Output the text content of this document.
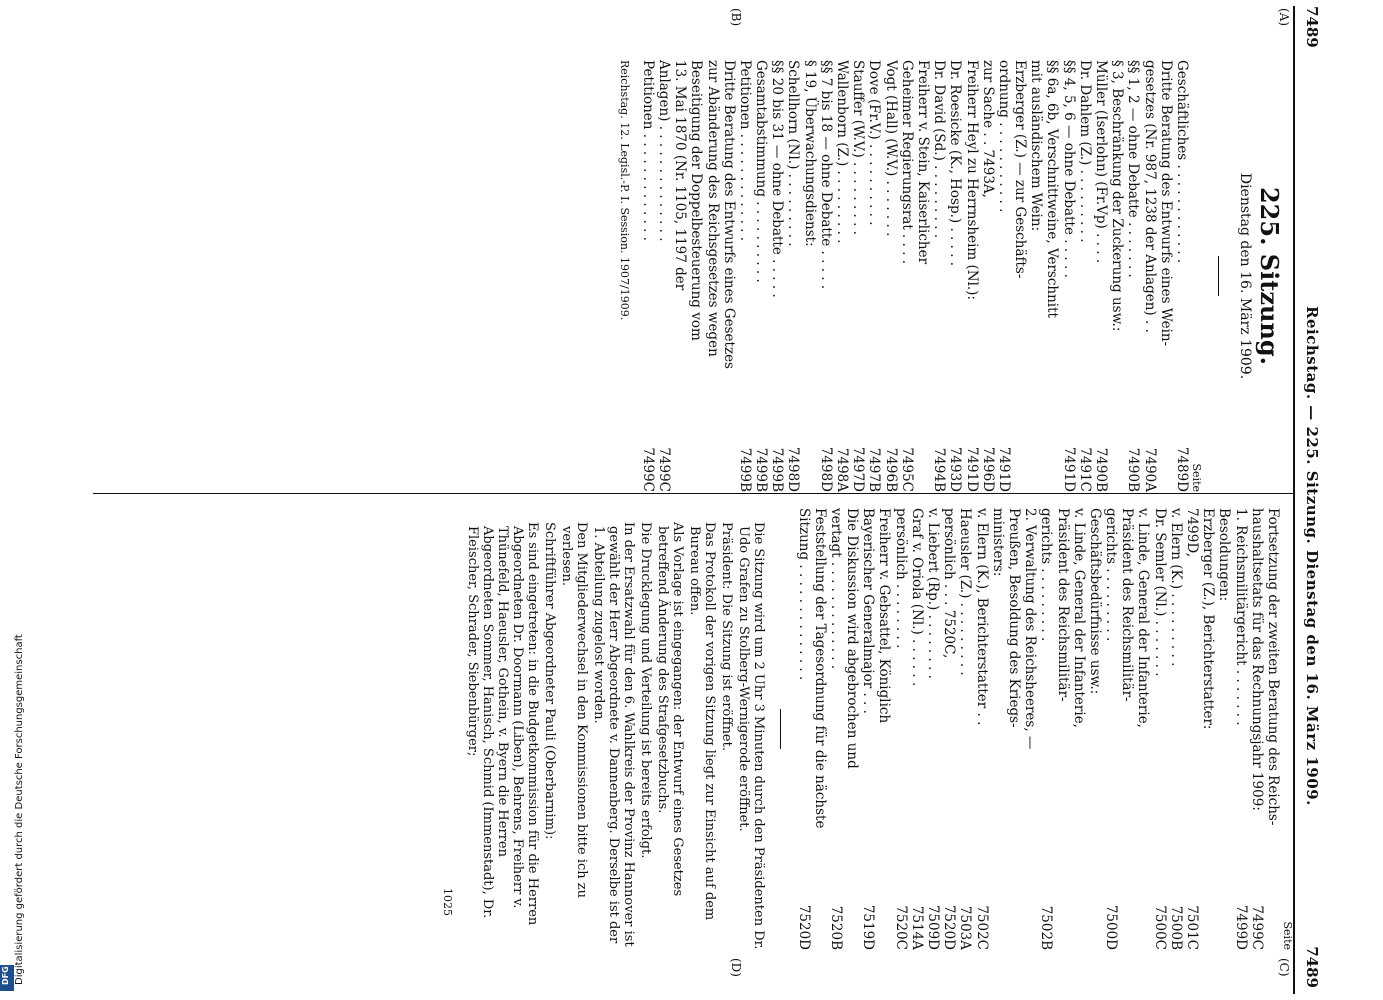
7489
Reichstag. — 225. Sitzung. Dienstag den 16. März 1909.
7489
(A)
(B)
(C)
(D)
225. Sitzung.
Dienstag den 16. März 1909.
Seite
Geschäftliches . . . . . . . . . . . .
7489D
Dritte Beratung des Entwurfs eines Wein-
gesetzes (Nr. 987, 1238 der Anlagen) . .
7490A
§§ 1, 2 — ohne Debatte . . . . . . .
7490B
§ 3, Beschränkung der Zuckerung usw.:
Müller (Iserlohn) (Fr.Vp) . . . .
7490B
Dr. Dahlem (Z.) . . . . . . . . .
7491C
§§ 4, 5, 6 — ohne Debatte . . . . .
7491D
§§ 6a, 6b, Verschnittweine, Verschnitt
mit ausländischem Wein:
Erzberger (Z.) — zur Geschäfts-
ordnung . . . . . . . . . . .
7491D
zur Sache . . 7493A,
7496D
Freiherr Heyl zu Herrnsheim (Nl.):
7491D
Dr. Roesicke (K., Hosp.) . . . . .
7493D
Dr. David (Sd.) . . . . . . . . .
7494B
Freiherr v. Stein, Kaiserlicher
Geheimer Regierungsrat . . . .
7495C
Vogt (Hall) (W.V.) . . . . . . .
7496B
Dove (Fr.V.) . . . . . . . . . .
7497B
Stauffer (W.V.) . . . . . . . . .
7497D
Wallenborn (Z.) . . . . . . . . .
7498A
§§ 7 bis 18 — ohne Debatte . . . . .
7498D
§ 19, Überwachungsdienst:
Schellhorn (Nl.) . . . . . . . . .
7498D
§§ 20 bis 31 — ohne Debatte . . . . .
7499B
Gesamtabstimmung . . . . . . . . . .
7499B
Petitionen . . . . . . . . . . . . .
7499B
Dritte Beratung des Entwurfs eines Gesetzes
zur Abänderung des Reichsgesetzes wegen
Beseitigung der Doppelbesteuerung vom
13. Mai 1870 (Nr. 1105, 1197 der
Anlagen) . . . . . . . . . . . . . .
7499C
Petitionen . . . . . . . . . . . . .
7499C
Reichstag. 12. Legisl.-P. I. Session. 1907/1909.
Seite
Fortsetzung der zweiten Beratung des Reichs-
haushaltsetats für das Rechnungsjahr 1909:
7499C
1. Reichsmilitärgericht . . . . . . .
7499D
Besoldungen:
Erzberger (Z.), Berichterstatter:
7499D,
7501C
v. Elern (K.) . . . . . . . . .
7500B
Dr. Semler (Nl.) . . . . . . .
7500C
v. Linde, General der Infanterie,
Präsident des Reichsmilitär-
gerichts . . . . . . . . .
7500D
Geschäftsbedürfnisse usw.:
v. Linde, General der Infanterie,
Präsident des Reichsmilitär-
gerichts . . . . . . . . .
7502B
2. Verwaltung des Reichsheeres, —
Preußen, Besoldung des Kriegs-
ministers:
v. Elern (K.), Berichterstatter . .
7502C
Haeusler (Z.) . . . . . . . . .
7503A
persönlich . . . 7520C,
7520D
v. Liebert (Rp.) . . . . . . . .
7509D
Graf v. Oriola (Nl.) . . . . . .
7514A
persönlich . . . . . . . .
7520C
Freiherr v. Gebsattel, Königlich
Bayerischer Generalmajor . . .
7519D
Die Diskussion wird abgebrochen und
vertagt . . . . . . . . . . . . .
7520B
Feststellung der Tagesordnung für die nächste
Sitzung . . . . . . . . . . . . . .
7520D
Die Sitzung wird um 2 Uhr 3 Minuten durch den Präsidenten Dr. Udo Grafen zu Stolberg-Wernigerode eröffnet.
Präsident: Die Sitzung ist eröffnet.
Das Protokoll der vorigen Sitzung liegt zur Einsicht auf dem Bureau offen.
Als Vorlage ist eingegangen: der Entwurf eines Gesetzes betreffend Änderung des Strafgesetzbuchs.
Die Drucklegung und Verteilung ist bereits erfolgt.
In der Ersatzwahl für den 6. Wahlkreis der Provinz Hannover ist gewählt der Herr Abgeordnete v. Dannenberg. Derselbe ist der 1. Abteilung zugelost worden.
Den Mitgliederwechsel in den Kommissionen bitte ich zu verlesen.
Schriftführer Abgeordneter Pauli (Oberbarnim):
Es sind eingetreten: in die Budgetkommission für die Herren Abgeordneten Dr. Doormann (Liben), Behrens, Freiherr v. Thünefeld, Haeusler, Gothein, v. Byern die Herren Abgeordneten Sommer, Hanisch, Schmid (Immenstadt), Dr. Fleischer, Schrader, Siebenbürger;
1025
Digitalisierung gefördert durch die Deutsche Forschungsgemeinschaft
DFG
